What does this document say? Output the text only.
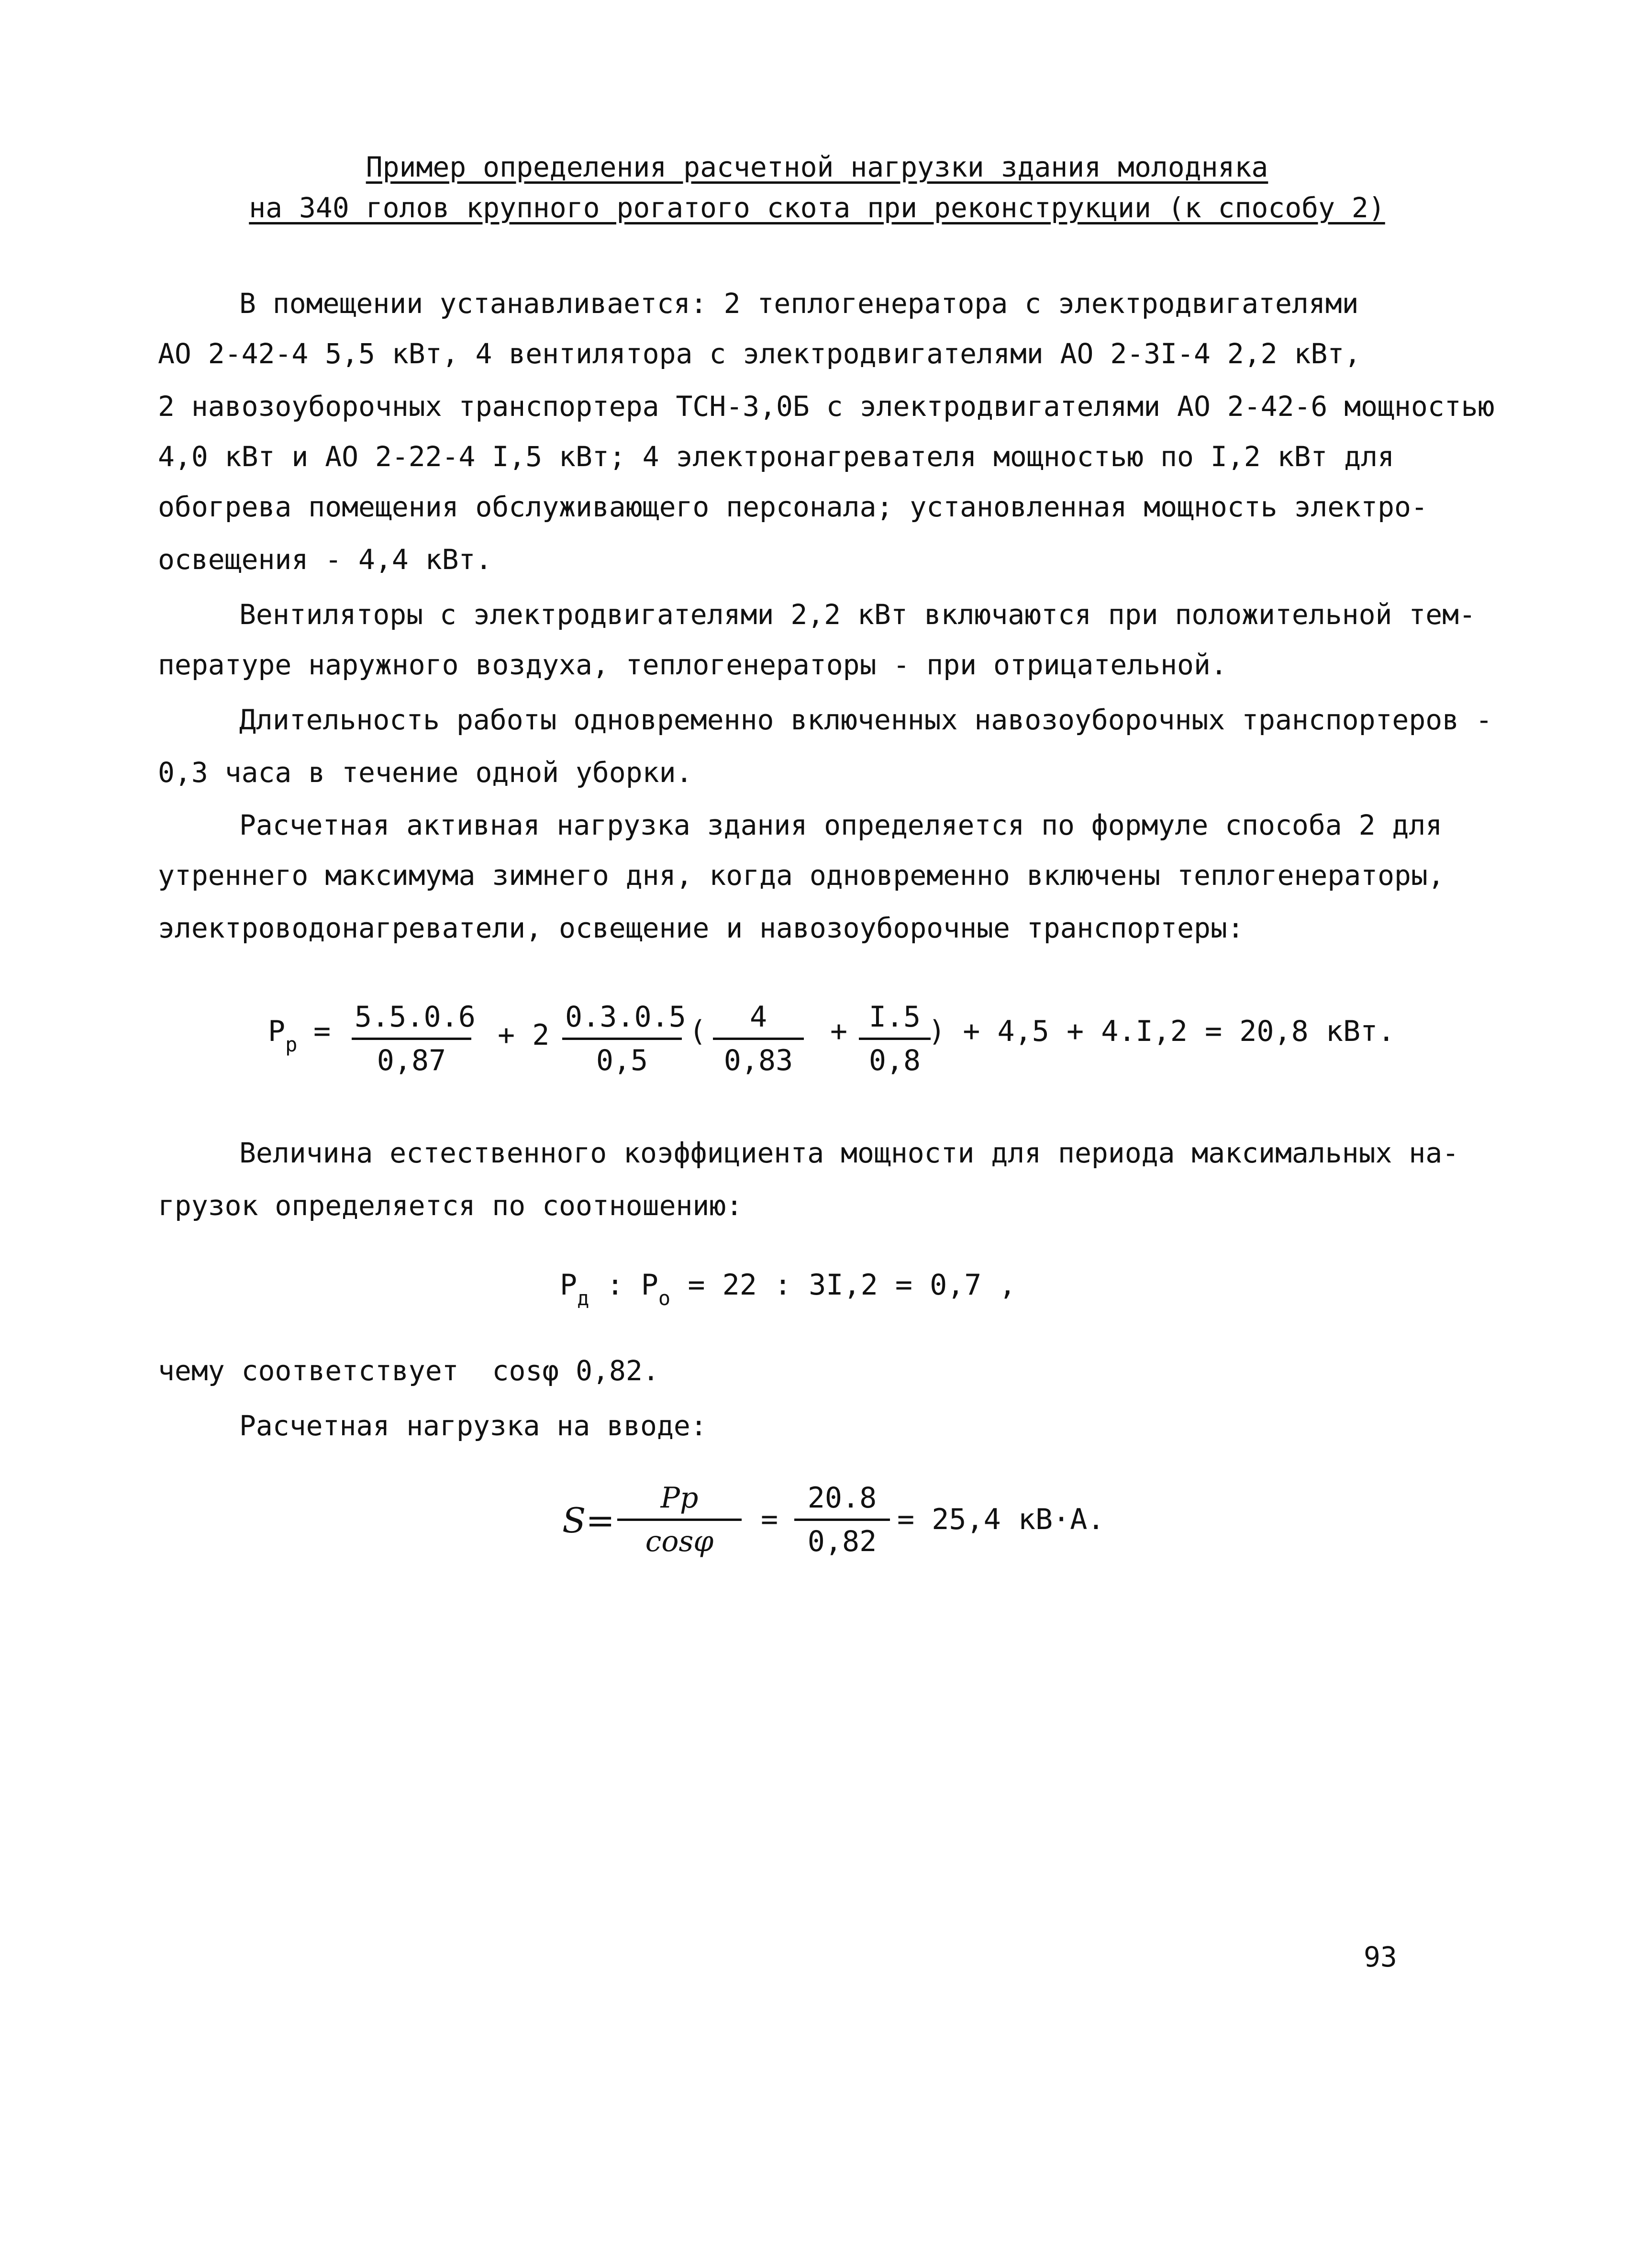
Пример определения расчетной нагрузки здания молодняка
на 340 голов крупного рогатого скота при реконструкции (к способу 2)
В помещении устанавливается: 2 теплогенератора с электродвигателями
АО 2-42-4 5,5 кВт, 4 вентилятора с электродвигателями АО 2-3I-4 2,2 кВт,
2 навозоуборочных транспортера ТСН-3,0Б с электродвигателями АО 2-42-6 мощностью
4,0 кВт и АО 2-22-4 I,5 кВт; 4 электронагревателя мощностью по I,2 кВт для
обогрева помещения обслуживающего персонала; установленная мощность электро-
освещения - 4,4 кВт.
Вентиляторы с электродвигателями 2,2 кВт включаются при положительной тем-
пературе наружного воздуха, теплогенераторы - при отрицательной.
Длительность работы одновременно включенных навозоуборочных транспортеров -
0,3 часа в течение одной уборки.
Расчетная активная нагрузка здания определяется по формуле способа 2 для
утреннего максимума зимнего дня, когда одновременно включены теплогенераторы,
электроводонагреватели, освещение и навозоуборочные транспортеры:
$P_р = \frac{5.5.0.6}{0,87} + 2 \frac{0.3.0.5}{0,5}$ ( $\frac{4}{0,83} + \frac{I.5}{0,8}$
) + 4,5 + 4.I,2 = 20,8 кВт.
Величина естественного коэффициента мощности для периода максимальных на-
грузок определяется по соотношению:
$P_д$ : $P_о = 22$ : 3I,2 = 0,7 ,
чему соответствует cosφ 0,82.
Расчетная нагрузка на вводе:
$S= \frac{Pp}{\cos\varphi} = \frac{20.8}{0,82} = 25,4$ кВ·А.
93
